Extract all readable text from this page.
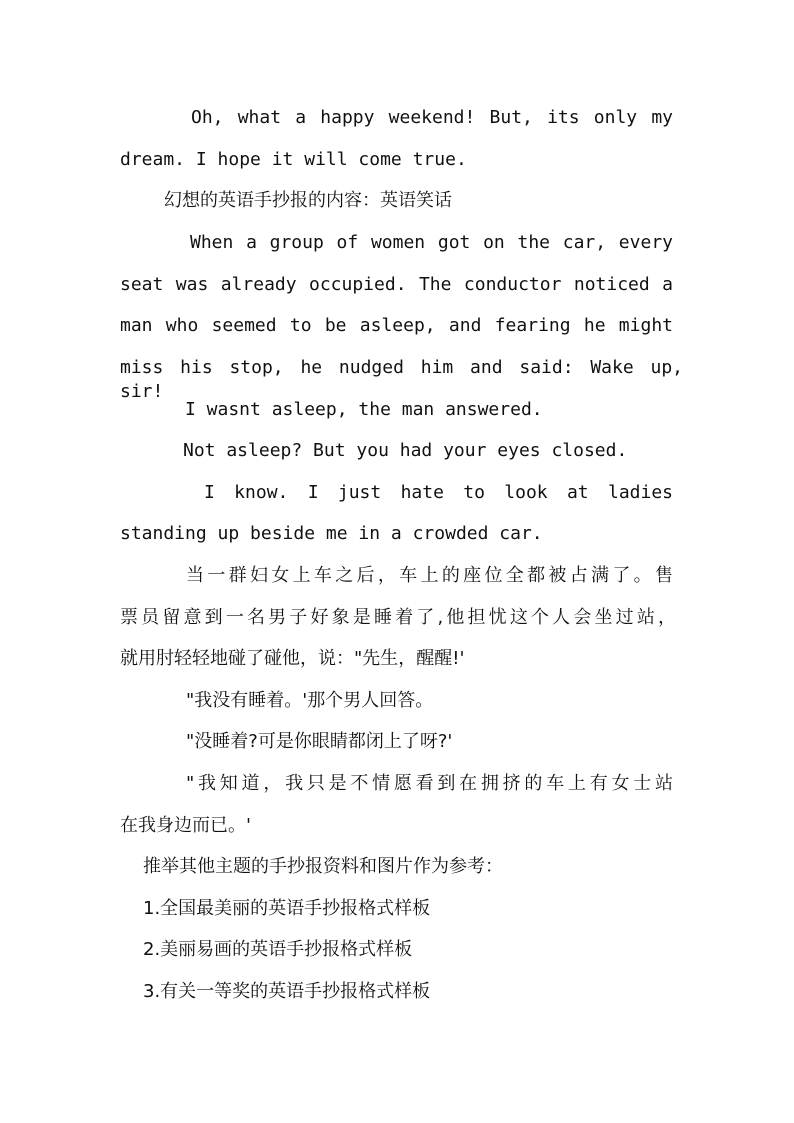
Oh, what a happy weekend! But, its only my

dream. I hope it will come true.

幻想的英语手抄报的内容：英语笑话

When a group of women got on the car, every

seat was already occupied. The conductor noticed a

man who seemed to be asleep, and fearing he might

miss his stop, he nudged him and said: Wake up, sir!

I wasnt asleep, the man answered.

Not asleep? But you had your eyes closed.

I know. I just hate to look at ladies

standing up beside me in a crowded car.

当一群妇女上车之后，车上的座位全都被占满了。售

票员留意到一名男子好象是睡着了,他担忧这个人会坐过站，

就用肘轻轻地碰了碰他，说："先生，醒醒!'

"我没有睡着。'那个男人回答。

"没睡着?可是你眼睛都闭上了呀?'

"我知道，我只是不情愿看到在拥挤的车上有女士站

在我身边而已。'

推举其他主题的手抄报资料和图片作为参考：

1.全国最美丽的英语手抄报格式样板

2.美丽易画的英语手抄报格式样板

3.有关一等奖的英语手抄报格式样板
